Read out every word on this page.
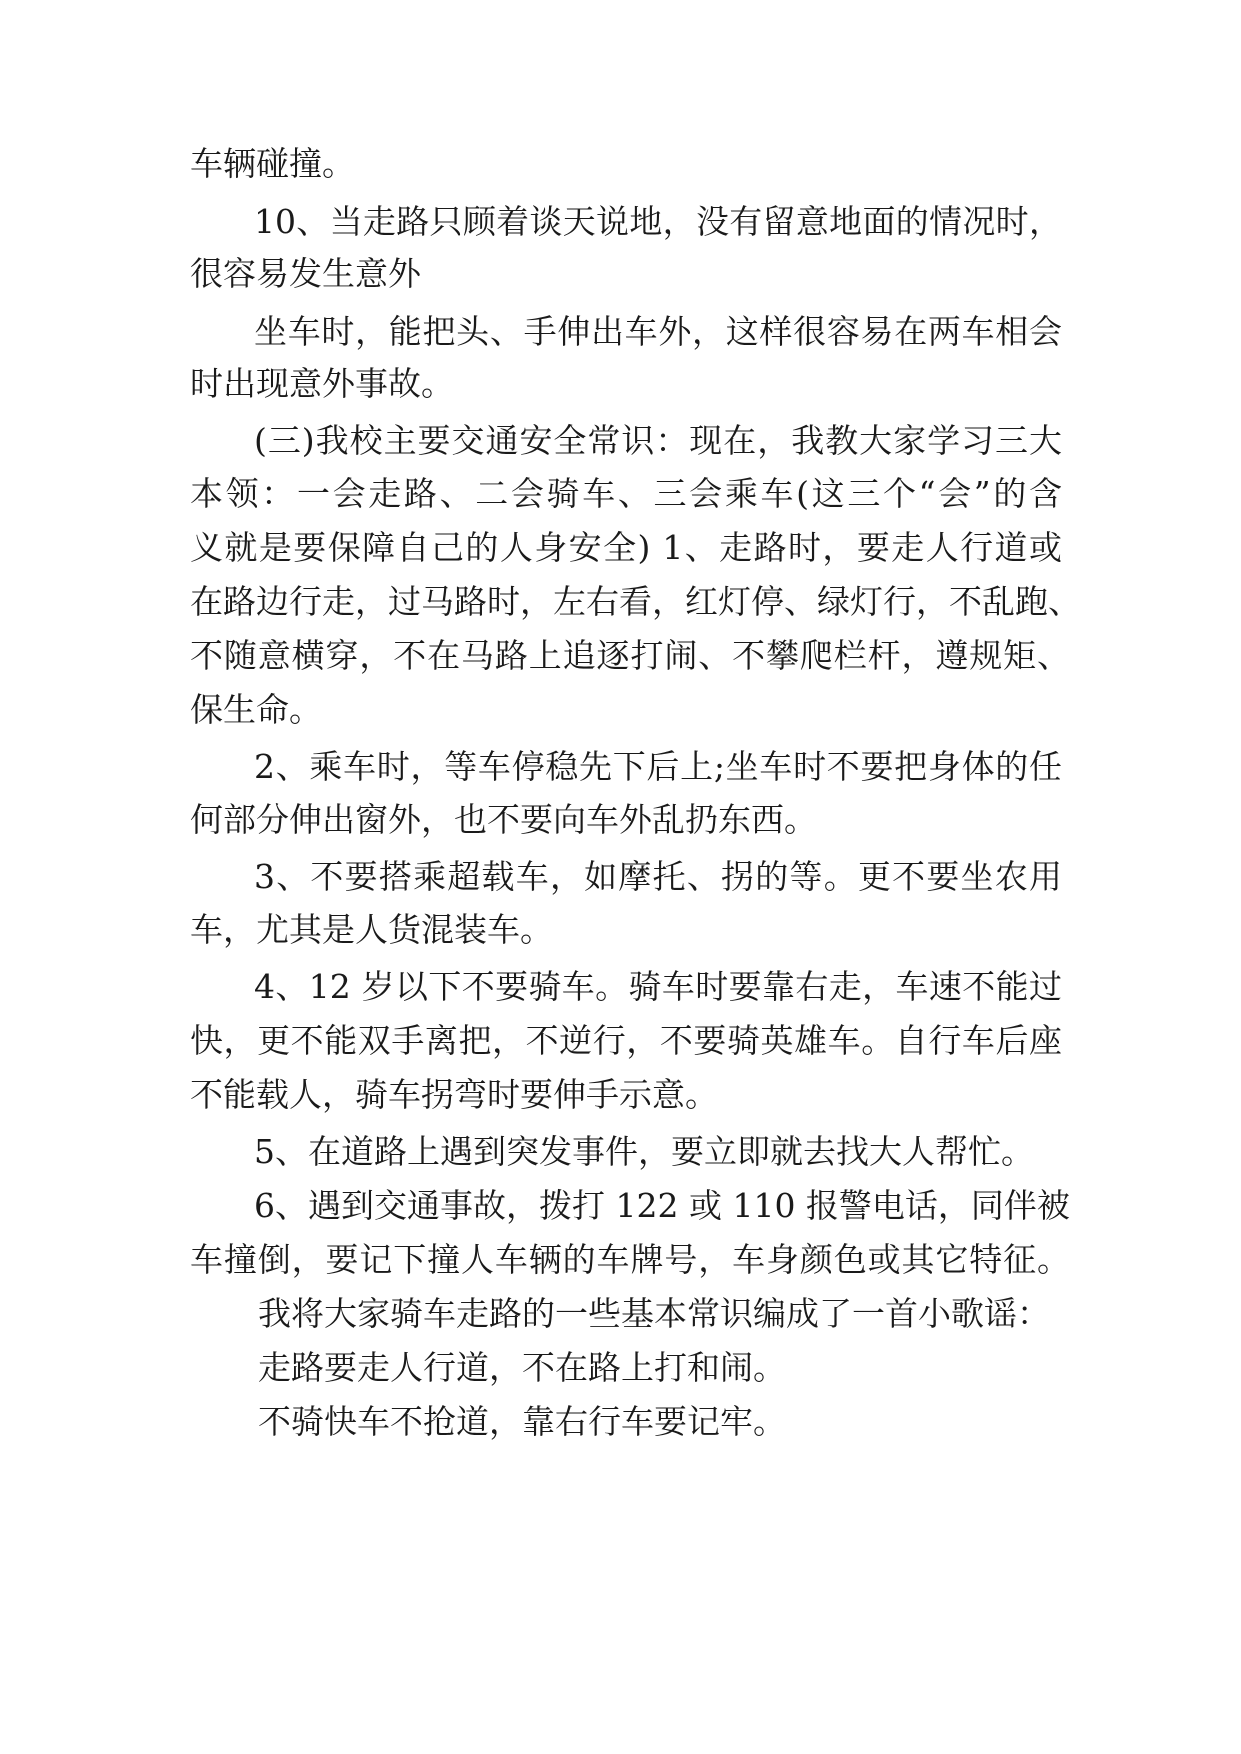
车辆碰撞。
10、当走路只顾着谈天说地，没有留意地面的情况时，
很容易发生意外
坐车时，能把头、手伸出车外，这样很容易在两车相会
时出现意外事故。
(三)我校主要交通安全常识：现在，我教大家学习三大
本领：一会走路、二会骑车、三会乘车(这三个“会”的含
义就是要保障自己的人身安全) 1、走路时，要走人行道或
在路边行走，过马路时，左右看，红灯停、绿灯行，不乱跑、
不随意横穿，不在马路上追逐打闹、不攀爬栏杆，遵规矩、
保生命。
2、乘车时，等车停稳先下后上;坐车时不要把身体的任
何部分伸出窗外，也不要向车外乱扔东西。
3、不要搭乘超载车，如摩托、拐的等。更不要坐农用
车，尤其是人货混装车。
4、12 岁以下不要骑车。骑车时要靠右走，车速不能过
快，更不能双手离把，不逆行，不要骑英雄车。自行车后座
不能载人，骑车拐弯时要伸手示意。
5、在道路上遇到突发事件，要立即就去找大人帮忙。
6、遇到交通事故，拨打 122 或 110 报警电话，同伴被
车撞倒，要记下撞人车辆的车牌号，车身颜色或其它特征。
我将大家骑车走路的一些基本常识编成了一首小歌谣：
走路要走人行道，不在路上打和闹。
不骑快车不抢道，靠右行车要记牢。
